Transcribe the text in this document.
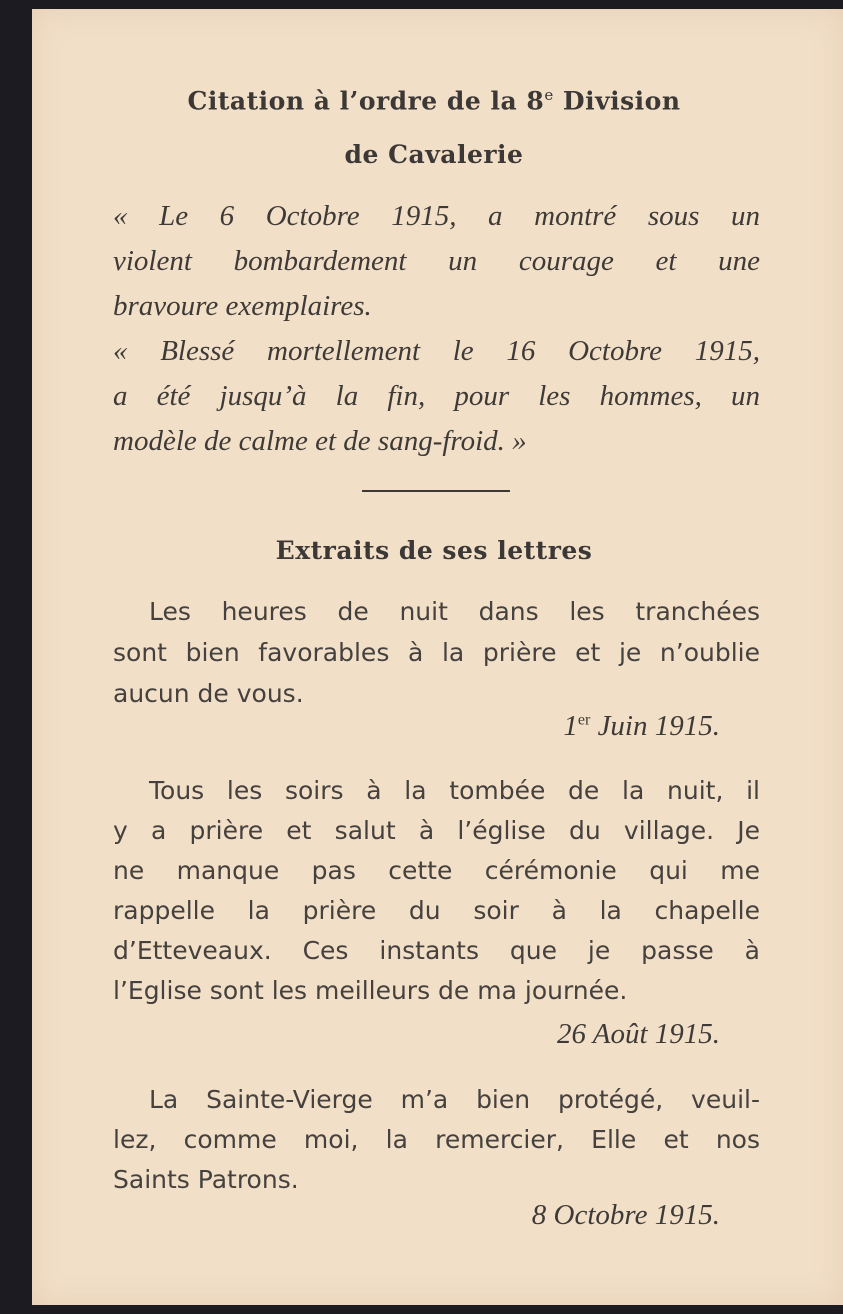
Citation à l’ordre de la 8e Division
de Cavalerie
« Le 6 Octobre 1915, a montré sous un
violent bombardement un courage et une
bravoure exemplaires.
« Blessé mortellement le 16 Octobre 1915,
a été jusqu’à la fin, pour les hommes, un
modèle de calme et de sang-froid. »
Extraits de ses lettres
Les heures de nuit dans les tranchées
sont bien favorables à la prière et je n’oublie
aucun de vous.
1er Juin 1915.
Tous les soirs à la tombée de la nuit, il
y a prière et salut à l’église du village. Je
ne manque pas cette cérémonie qui me
rappelle la prière du soir à la chapelle
d’Etteveaux. Ces instants que je passe à
l’Eglise sont les meilleurs de ma journée.
26 Août 1915.
La Sainte-Vierge m’a bien protégé, veuil-
lez, comme moi, la remercier, Elle et nos
Saints Patrons.
8 Octobre 1915.
